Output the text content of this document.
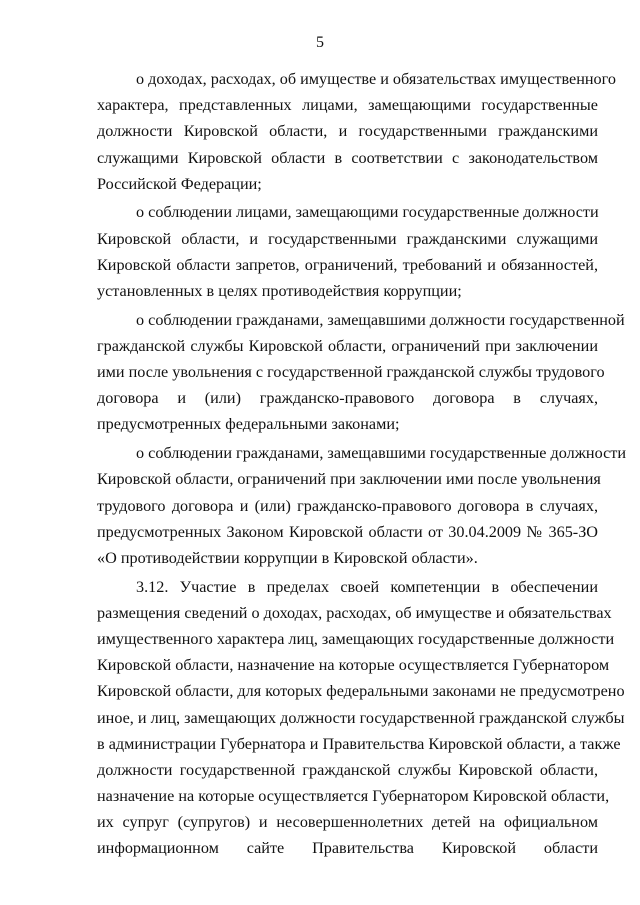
5
о доходах, расходах, об имуществе и обязательствах имущественного
характера, представленных лицами, замещающими государственные
должности Кировской области, и государственными гражданскими
служащими Кировской области в соответствии с законодательством
Российской Федерации;
о соблюдении лицами, замещающими государственные должности
Кировской области, и государственными гражданскими служащими
Кировской области запретов, ограничений, требований и обязанностей,
установленных в целях противодействия коррупции;
о соблюдении гражданами, замещавшими должности государственной
гражданской службы Кировской области, ограничений при заключении
ими после увольнения с государственной гражданской службы трудового
договора и (или) гражданско-правового договора в случаях,
предусмотренных федеральными законами;
о соблюдении гражданами, замещавшими государственные должности
Кировской области, ограничений при заключении ими после увольнения
трудового договора и (или) гражданско-правового договора в случаях,
предусмотренных Законом Кировской области от 30.04.2009 № 365-ЗО
«О противодействии коррупции в Кировской области».
3.12. Участие в пределах своей компетенции в обеспечении
размещения сведений о доходах, расходах, об имуществе и обязательствах
имущественного характера лиц, замещающих государственные должности
Кировской области, назначение на которые осуществляется Губернатором
Кировской области, для которых федеральными законами не предусмотрено
иное, и лиц, замещающих должности государственной гражданской службы
в администрации Губернатора и Правительства Кировской области, а также
должности государственной гражданской службы Кировской области,
назначение на которые осуществляется Губернатором Кировской области,
их супруг (супругов) и несовершеннолетних детей на официальном
информационном сайте Правительства Кировской области
